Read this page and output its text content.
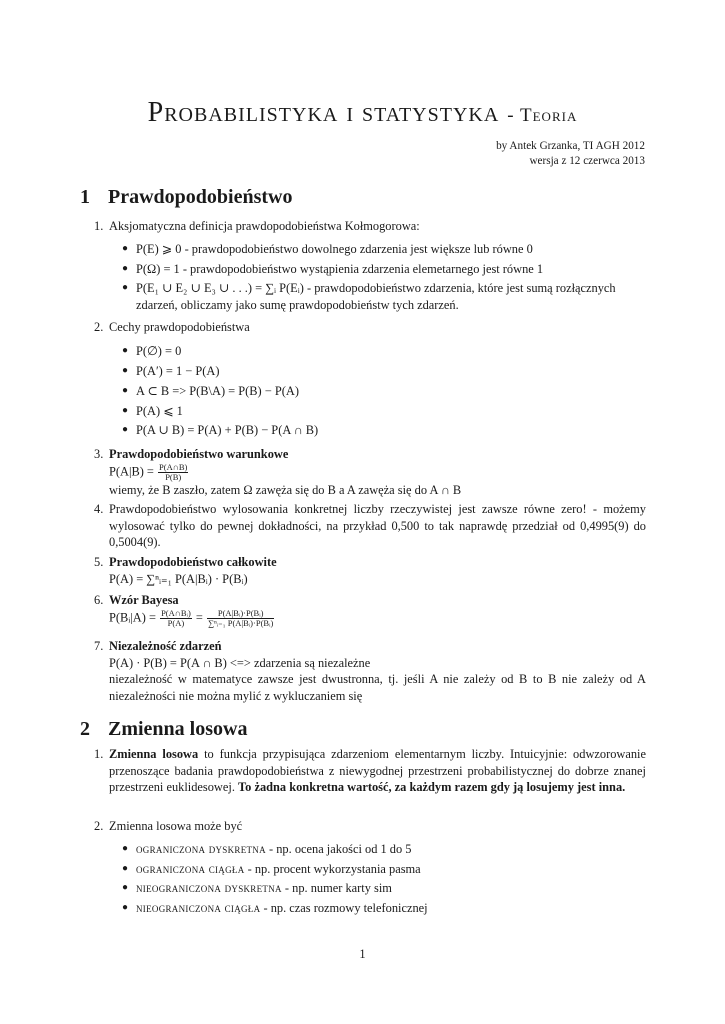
Probabilistyka i statystyka - Teoria
by Antek Grzanka, TI AGH 2012
wersja z 12 czerwca 2013
1 Prawdopodobieństwo
1. Aksjomatyczna definicja prawdopodobieństwa Kołmogorowa:
● P(E) ⩾ 0 - prawdopodobieństwo dowolnego zdarzenia jest większe lub równe 0
● P(Ω) = 1 - prawdopodobieństwo wystąpienia zdarzenia elemetarnego jest równe 1
● P(E₁ ∪ E₂ ∪ E₃ ∪ . . .) = ∑ᵢ P(Eᵢ) - prawdopodobieństwo zdarzenia, które jest sumą rozłącznych zdarzeń, obliczamy jako sumę prawdopodobieństw tych zdarzeń.
2. Cechy prawdopodobieństwa
● P(∅) = 0
● P(A′) = 1 − P(A)
● A ⊂ B => P(B\A) = P(B) − P(A)
● P(A) ⩽ 1
● P(A ∪ B) = P(A) + P(B) − P(A ∩ B)
3. Prawdopodobieństwo warunkowe
$P(A|B) = \frac{P(A\cap B)}{P(B)}$
wiemy, że B zaszło, zatem Ω zawęża się do B a A zawęża się do A ∩ B
4. Prawdopodobieństwo wylosowania konkretnej liczby rzeczywistej jest zawsze równe zero! - możemy wylosować tylko do pewnej dokładności, na przykład 0,500 to tak naprawdę przedział od 0,4995(9) do 0,5004(9).
5. Prawdopodobieństwo całkowite
P(A) = ∑ⁿᵢ₌₁ P(A|Bᵢ) · P(Bᵢ)
6. Wzór Bayesa
P(Bᵢ|A) = $\frac{\text{P(A∩Bᵢ)}}{P(A)} = \frac{\text{P(A|Bᵢ)·P(Bᵢ)}}{\text{∑ⁿᵢ₌₁ P(A|Bᵢ)·P(Bᵢ)}}$
7. Niezależność zdarzeń
P(A) · P(B) = P(A ∩ B) <=> zdarzenia są niezależne
niezależność w matematyce zawsze jest dwustronna, tj. jeśli A nie zależy od B to B nie zależy od A niezależności nie można mylić z wykluczaniem się
2 Zmienna losowa
1. Zmienna losowa to funkcja przypisująca zdarzeniom elementarnym liczby. Intuicyjnie: odwzorowanie przenoszące badania prawdopodobieństwa z niewygodnej przestrzeni probabilistycznej do dobrze znanej przestrzeni euklidesowej. To żadna konkretna wartość, za każdym razem gdy ją losujemy jest inna.
2. Zmienna losowa może być
● ograniczona dyskretna - np. ocena jakości od 1 do 5
● ograniczona ciągła - np. procent wykorzystania pasma
● nieograniczona dyskretna - np. numer karty sim
● nieograniczona ciągła - np. czas rozmowy telefonicznej
1
